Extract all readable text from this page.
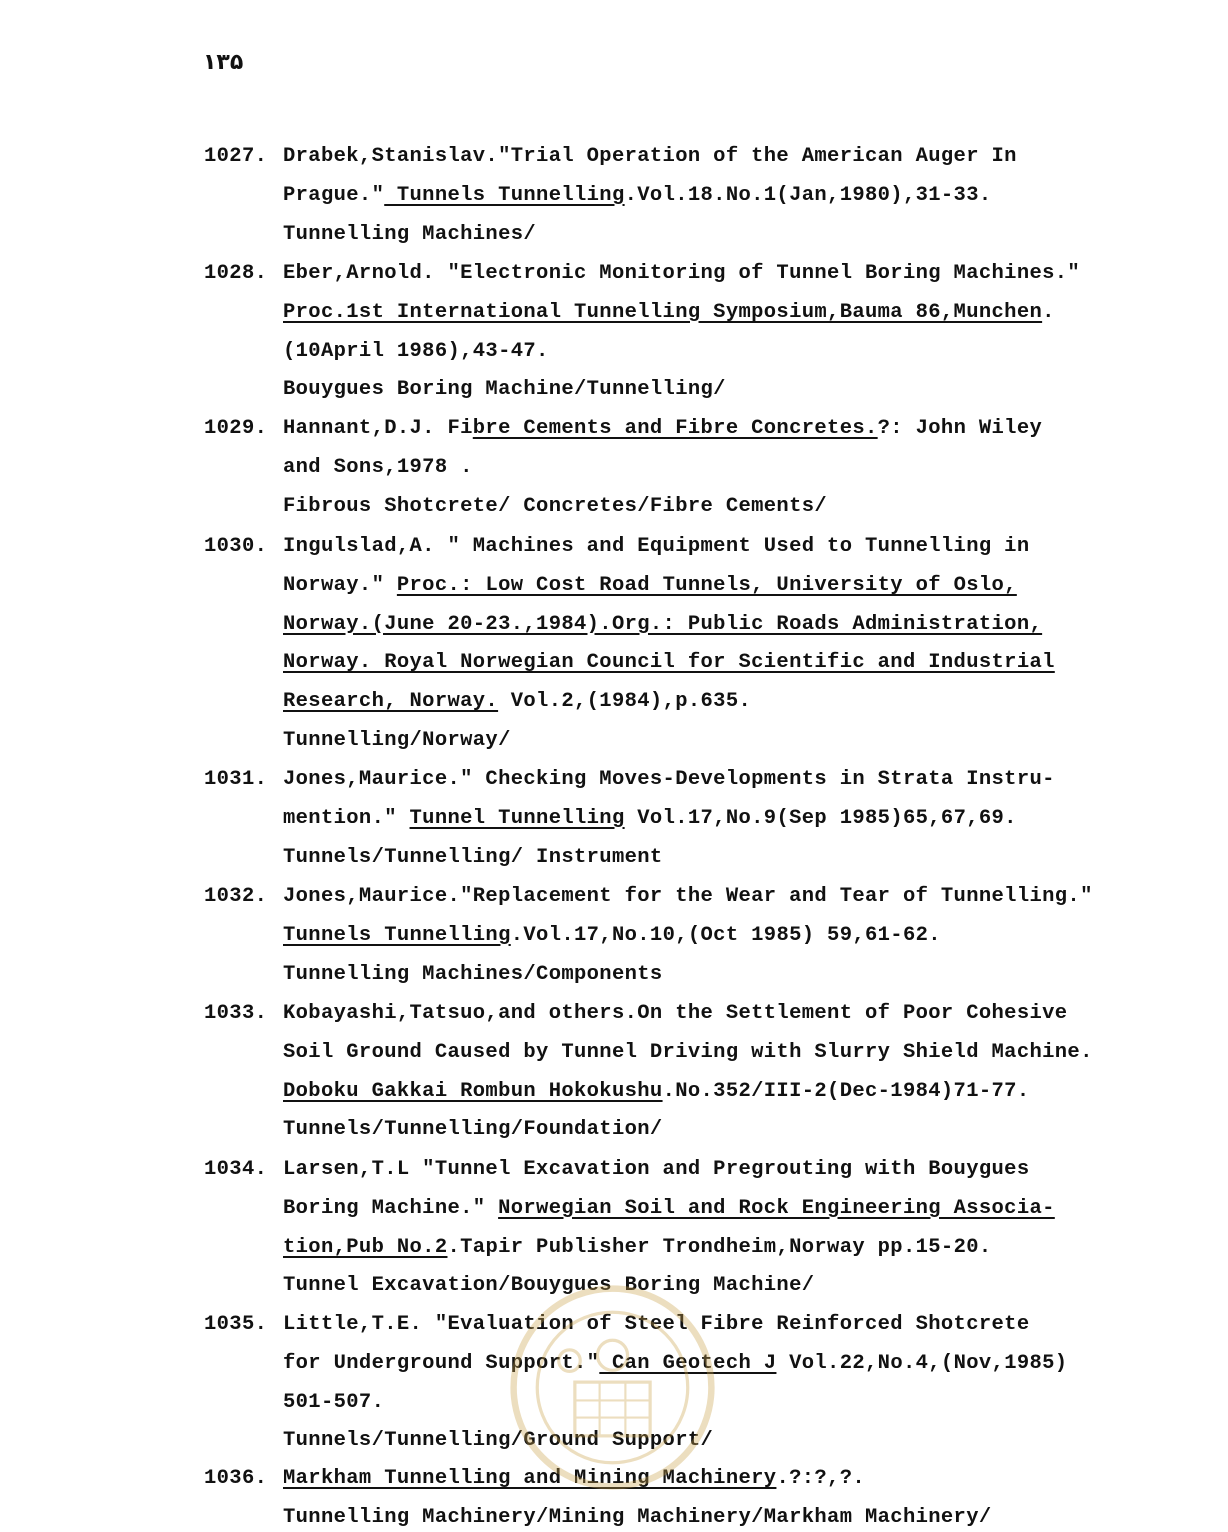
١٣۵
1027. Drabek,Stanislav."Trial Operation of the American Auger In
Prague." Tunnels Tunnelling.Vol.18.No.1(Jan,1980),31-33.
Tunnelling Machines/
1028. Eber,Arnold. "Electronic Monitoring of Tunnel Boring Machines."
Proc.1st International Tunnelling Symposium,Bauma 86,Munchen.
(10April 1986),43-47.
Bouygues Boring Machine/Tunnelling/
1029. Hannant,D.J. Fibre Cements and Fibre Concretes.?: John Wiley
and Sons,1978 .
Fibrous Shotcrete/ Concretes/Fibre Cements/
1030. Ingulslad,A. " Machines and Equipment Used to Tunnelling in
Norway." Proc.: Low Cost Road Tunnels, University of Oslo,
Norway.(June 20-23.,1984).Org.: Public Roads Administration,
Norway. Royal Norwegian Council for Scientific and Industrial
Research, Norway. Vol.2,(1984),p.635.
Tunnelling/Norway/
1031. Jones,Maurice." Checking Moves-Developments in Strata Instru-
mention." Tunnel Tunnelling Vol.17,No.9(Sep 1985)65,67,69.
Tunnels/Tunnelling/ Instrument
1032. Jones,Maurice."Replacement for the Wear and Tear of Tunnelling."
Tunnels Tunnelling.Vol.17,No.10,(Oct 1985) 59,61-62.
Tunnelling Machines/Components
1033. Kobayashi,Tatsuo,and others.On the Settlement of Poor Cohesive
Soil Ground Caused by Tunnel Driving with Slurry Shield Machine.
Doboku Gakkai Rombun Hokokushu.No.352/III-2(Dec-1984)71-77.
Tunnels/Tunnelling/Foundation/
1034. Larsen,T.L "Tunnel Excavation and Pregrouting with Bouygues
Boring Machine." Norwegian Soil and Rock Engineering Associa-
tion,Pub No.2.Tapir Publisher Trondheim,Norway pp.15-20.
Tunnel Excavation/Bouygues Boring Machine/
1035. Little,T.E. "Evaluation of Steel Fibre Reinforced Shotcrete
for Underground Support." Can Geotech J Vol.22,No.4,(Nov,1985)
501-507.
Tunnels/Tunnelling/Ground Support/
1036. Markham Tunnelling and Mining Machinery.?:?,?.
Tunnelling Machinery/Mining Machinery/Markham Machinery/
